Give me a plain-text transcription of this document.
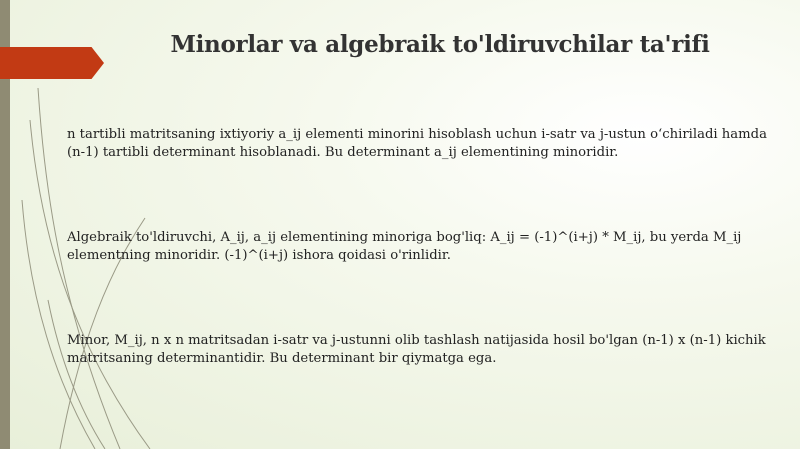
Minorlar va algebraik to'ldiruvchilar ta'rifi

n tartibli matritsaning ixtiyoriy a_ij elementi minorini hisoblash uchun i-satr va j-ustun o‘chiriladi hamda (n-1) tartibli determinant hisoblanadi. Bu determinant a_ij elementining minoridir.

Algebraik to'ldiruvchi, A_ij, a_ij elementining minoriga bog'liq: A_ij = (-1)^(i+j) * M_ij, bu yerda M_ij elementning minoridir. (-1)^(i+j) ishora qoidasi o'rinlidir.

Minor, M_ij, n x n matritsadan i-satr va j-ustunni olib tashlash natijasida hosil bo'lgan (n-1) x (n-1) kichik matritsaning determinantidir. Bu determinant bir qiymatga ega.
